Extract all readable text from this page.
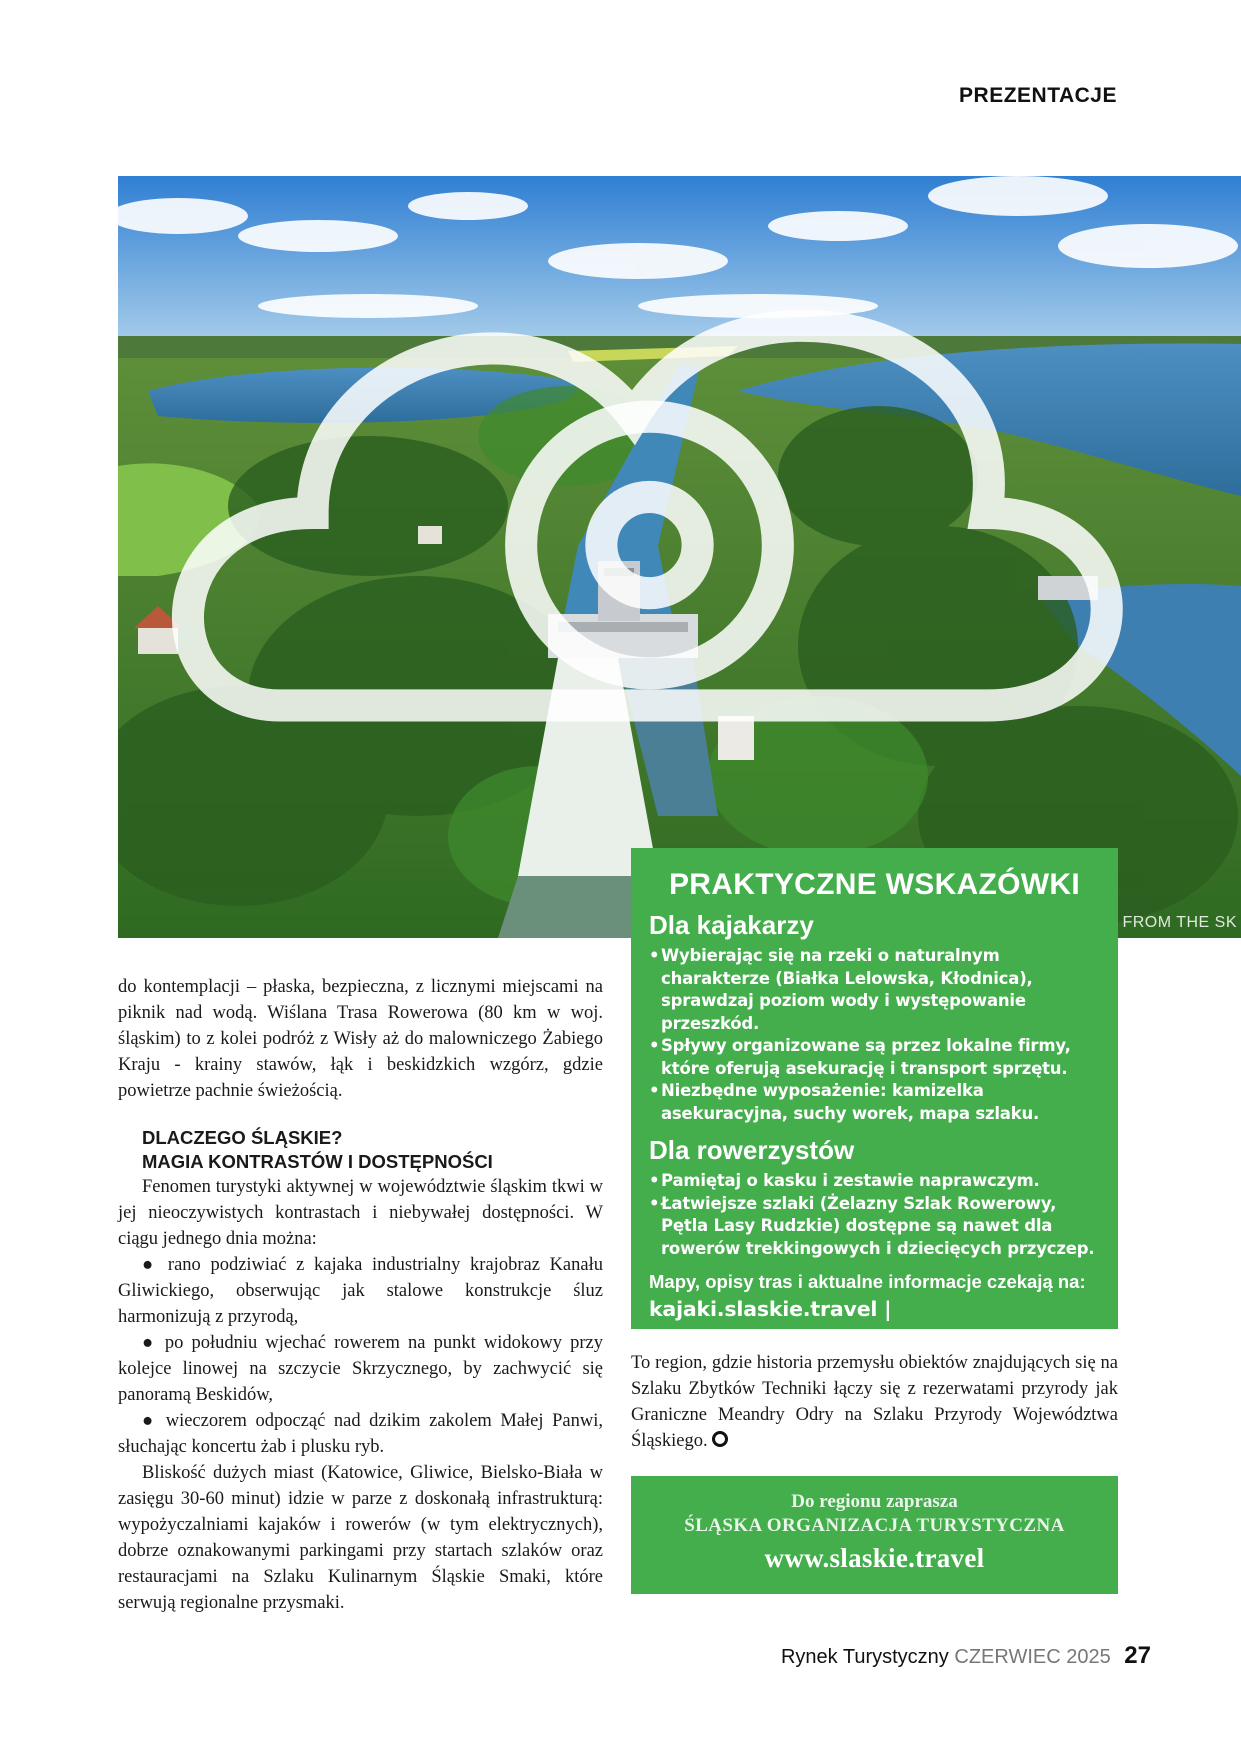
PREZENTACJE
FROM THE SK
PRAKTYCZNE WSKAZÓWKI
Dla kajakarzy
• Wybierając się na rzeki o naturalnym charakterze (Białka Lelowska, Kłodnica), sprawdzaj poziom wody i występowanie przeszkód.
• Spływy organizowane są przez lokalne firmy, które oferują asekurację i transport sprzętu.
• Niezbędne wyposażenie: kamizelka asekuracyjna, suchy worek, mapa szlaku.
Dla rowerzystów
• Pamiętaj o kasku i zestawie naprawczym.
• Łatwiejsze szlaki (Żelazny Szlak Rowerowy, Pętla Lasy Rudzkie) dostępne są nawet dla rowerów trekkingowych i dziecięcych przyczep.
Mapy, opisy tras i aktualne informacje czekają na:
kajaki.slaskie.travel | rowery.slaskie.travel

do kontemplacji – płaska, bezpieczna, z licznymi miejscami na piknik nad wodą. Wiślana Trasa Rowerowa (80 km w woj. śląskim) to z kolei podróż z Wisły aż do malowniczego Żabiego Kraju - krainy stawów, łąk i beskidzkich wzgórz, gdzie powietrze pachnie świeżością.

DLACZEGO ŚLĄSKIE?
MAGIA KONTRASTÓW I DOSTĘPNOŚCI

Fenomen turystyki aktywnej w województwie śląskim tkwi w jej nieoczywistych kontrastach i niebywałej dostępności. W ciągu jednego dnia można:

● rano podziwiać z kajaka industrialny krajobraz Kanału Gliwickiego, obserwując jak stalowe konstrukcje śluz harmonizują z przyrodą,

● po południu wjechać rowerem na punkt widokowy przy kolejce linowej na szczycie Skrzycznego, by zachwycić się panoramą Beskidów,

● wieczorem odpocząć nad dzikim zakolem Małej Panwi, słuchając koncertu żab i plusku ryb.

Bliskość dużych miast (Katowice, Gliwice, Bielsko-Biała w zasięgu 30-60 minut) idzie w parze z doskonałą infrastrukturą: wypożyczalniami kajaków i rowerów (w tym elektrycznych), dobrze oznakowanymi parkingami przy startach szlaków oraz restauracjami na Szlaku Kulinarnym Śląskie Smaki, które serwują regionalne przysmaki.

To region, gdzie historia przemysłu obiektów znajdujących się na Szlaku Zbytków Techniki łączy się z rezerwatami przyrody jak Graniczne Meandry Odry na Szlaku Przyrody Województwa Śląskiego.

Do regionu zaprasza
ŚLĄSKA ORGANIZACJA TURYSTYCZNA
www.slaskie.travel
Rynek Turystyczny CZERWIEC 2025 27
